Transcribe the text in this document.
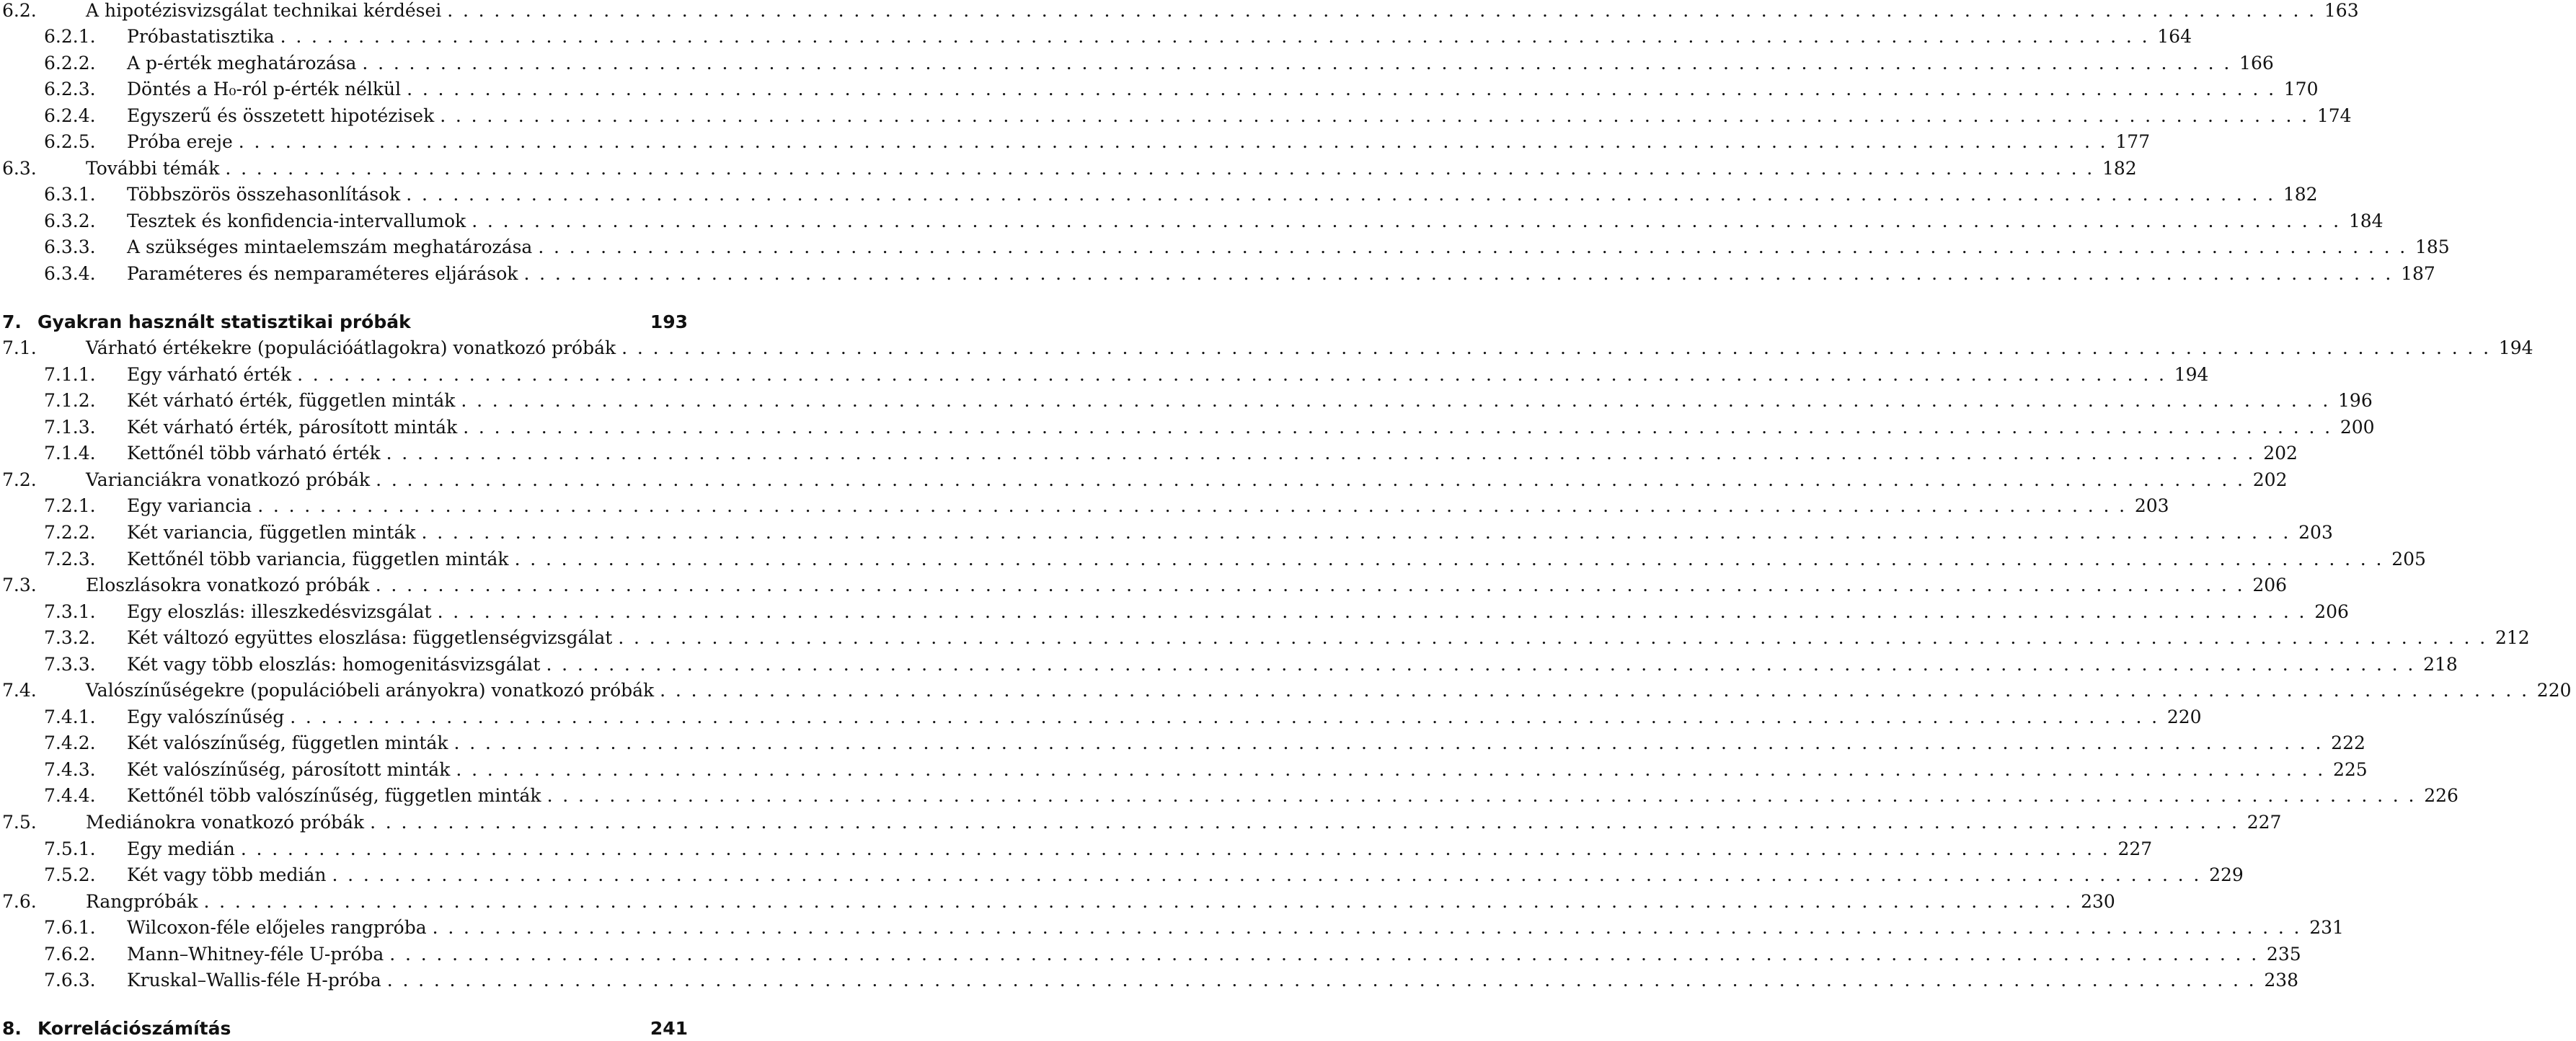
6.2.	A hipotézisvizsgálat technikai kérdései ........................................................................................................................ 163
6.2.1.	Próbastatisztika ........................................................................................................................ 164
6.2.2.	A p-érték meghatározása ........................................................................................................................ 166
6.2.3.	Döntés a H₀-ról p-érték nélkül ........................................................................................................................ 170
6.2.4.	Egyszerű és összetett hipotézisek ........................................................................................................................ 174
6.2.5.	Próba ereje ........................................................................................................................ 177
6.3.	További témák ........................................................................................................................ 182
6.3.1.	Többszörös összehasonlítások ........................................................................................................................ 182
6.3.2.	Tesztek és konfidencia-intervallumok ........................................................................................................................ 184
6.3.3.	A szükséges mintaelemszám meghatározása ........................................................................................................................ 185
6.3.4.	Paraméteres és nemparaméteres eljárások ........................................................................................................................ 187
7. Gyakran használt statisztikai próbák	193
7.1.	Várható értékekre (populációátlagokra) vonatkozó próbák ........................................................................................................................ 194
7.1.1.	Egy várható érték ........................................................................................................................ 194
7.1.2.	Két várható érték, független minták ........................................................................................................................ 196
7.1.3.	Két várható érték, párosított minták ........................................................................................................................ 200
7.1.4.	Kettőnél több várható érték ........................................................................................................................ 202
7.2.	Varianciákra vonatkozó próbák ........................................................................................................................ 202
7.2.1.	Egy variancia ........................................................................................................................ 203
7.2.2.	Két variancia, független minták ........................................................................................................................ 203
7.2.3.	Kettőnél több variancia, független minták ........................................................................................................................ 205
7.3.	Eloszlásokra vonatkozó próbák ........................................................................................................................ 206
7.3.1.	Egy eloszlás: illeszkedésvizsgálat ........................................................................................................................ 206
7.3.2.	Két változó együttes eloszlása: függetlenségvizsgálat ........................................................................................................................ 212
7.3.3.	Két vagy több eloszlás: homogenitásvizsgálat ........................................................................................................................ 218
7.4.	Valószínűségekre (populációbeli arányokra) vonatkozó próbák ........................................................................................................................ 220
7.4.1.	Egy valószínűség ........................................................................................................................ 220
7.4.2.	Két valószínűség, független minták ........................................................................................................................ 222
7.4.3.	Két valószínűség, párosított minták ........................................................................................................................ 225
7.4.4.	Kettőnél több valószínűség, független minták ........................................................................................................................ 226
7.5.	Mediánokra vonatkozó próbák ........................................................................................................................ 227
7.5.1.	Egy medián ........................................................................................................................ 227
7.5.2.	Két vagy több medián ........................................................................................................................ 229
7.6.	Rangpróbák ........................................................................................................................ 230
7.6.1.	Wilcoxon-féle előjeles rangpróba ........................................................................................................................ 231
7.6.2.	Mann–Whitney-féle U-próba ........................................................................................................................ 235
7.6.3.	Kruskal–Wallis-féle H-próba ........................................................................................................................ 238
8. Korrelációszámítás	241
